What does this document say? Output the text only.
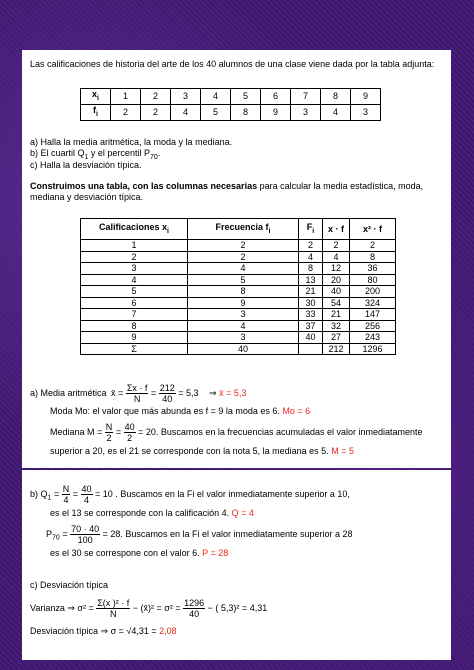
Las calificaciones de historia del arte de los 40 alumnos de una clase viene dada por la tabla adjunta:
$x_i$	1	2	3	4	5	6	7	8	9
$f_i$	2	2	4	5	8	9	3	4	3
a) Halla la media aritmética, la moda y la mediana.
b) El cuartil $Q_1$ y el percentil $P_{70}$.
c) Halla la desviación típica.
Construimos una tabla, con las columnas necesarias para calcular la media estadística, moda,
mediana y desviación típica.
Calificaciones $x_i$	Frecuencia $f_i$	$F_i$	x · f	x² · f
1	2	2	2	2
2	2	4	4	8
3	4	8	12	36
4	5	13	20	80
5	8	21	40	200
6	9	30	54	324
7	3	33	21	147
8	4	37	32	256
9	3	40	27	243
Σ	40		212	1296
a) Media aritmética x̄ = $\frac{\Sigma x \cdot f}{N} = \frac{212}{40} = 5,3$ ⇒ x̄ = 5,3
Moda Mo: el valor que más abunda es f = 9 la moda es 6. Mo = 6
Mediana $M = \frac{N}{2} = \frac{40}{2} = 20$. Buscamos en la frecuencias acumuladas el valor inmediatamente
superior a 20, es el 21 se corresponde con la nota 5, la mediana es 5. M = 5
b) $Q_1 = \frac{N}{4} = \frac{40}{4} = 10$ . Buscamos en la Fi el valor inmediatamente superior a 10,
es el 13 se corresponde con la calificación 4. Q = 4
$P_{70} = \frac{70 \cdot 40}{100} = 28$. Buscamos en la Fi el valor inmediatamente superior a 28
es el 30 se correspone con el valor 6. P = 28
c) Desviación típica
Varianza ⇒ $\sigma^2 = \frac{\text{Σ(x )² · f}}{N}$ − (x̄)² = $\sigma^2 = \frac{1296}{40}$ − ( 5,3)² = 4,31
Desviación típica ⇒ σ = √4,31 = 2,08
